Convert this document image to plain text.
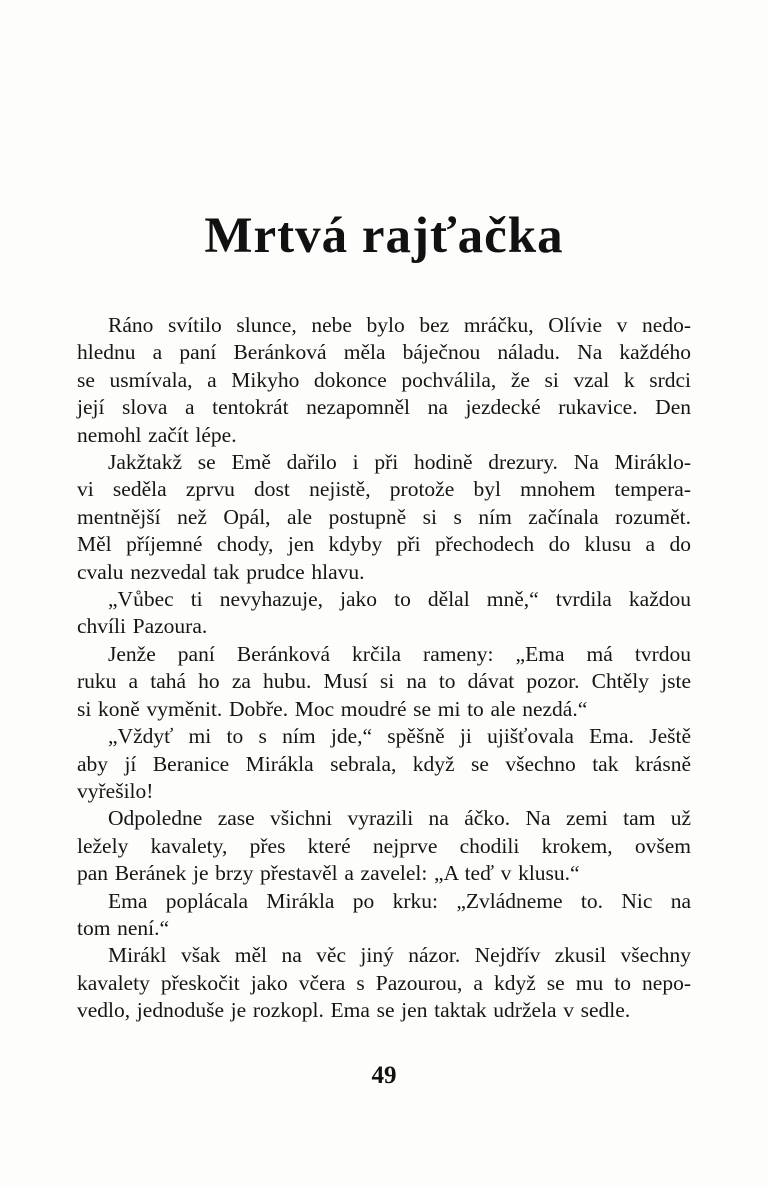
Mrtvá rajťačka

Ráno svítilo slunce, nebe bylo bez mráčku, Olívie v nedo-
hlednu a paní Beránková měla báječnou náladu. Na každého
se usmívala, a Mikyho dokonce pochválila, že si vzal k srdci
její slova a tentokrát nezapomněl na jezdecké rukavice. Den
nemohl začít lépe.

Jakžtakž se Emě dařilo i při hodině drezury. Na Miráklo-
vi seděla zprvu dost nejistě, protože byl mnohem tempera-
mentnější než Opál, ale postupně si s ním začínala rozumět.
Měl příjemné chody, jen kdyby při přechodech do klusu a do
cvalu nezvedal tak prudce hlavu.

„Vůbec ti nevyhazuje, jako to dělal mně,“ tvrdila každou
chvíli Pazoura.

Jenže paní Beránková krčila rameny: „Ema má tvrdou
ruku a tahá ho za hubu. Musí si na to dávat pozor. Chtěly jste
si koně vyměnit. Dobře. Moc moudré se mi to ale nezdá.“

„Vždyť mi to s ním jde,“ spěšně ji ujišťovala Ema. Ještě
aby jí Beranice Mirákla sebrala, když se všechno tak krásně
vyřešilo!

Odpoledne zase všichni vyrazili na áčko. Na zemi tam už
ležely kavalety, přes které nejprve chodili krokem, ovšem
pan Beránek je brzy přestavěl a zavelel: „A teď v klusu.“

Ema poplácala Mirákla po krku: „Zvládneme to. Nic na
tom není.“

Mirákl však měl na věc jiný názor. Nejdřív zkusil všechny
kavalety přeskočit jako včera s Pazourou, a když se mu to nepo-
vedlo, jednoduše je rozkopl. Ema se jen taktak udržela v sedle.

49
